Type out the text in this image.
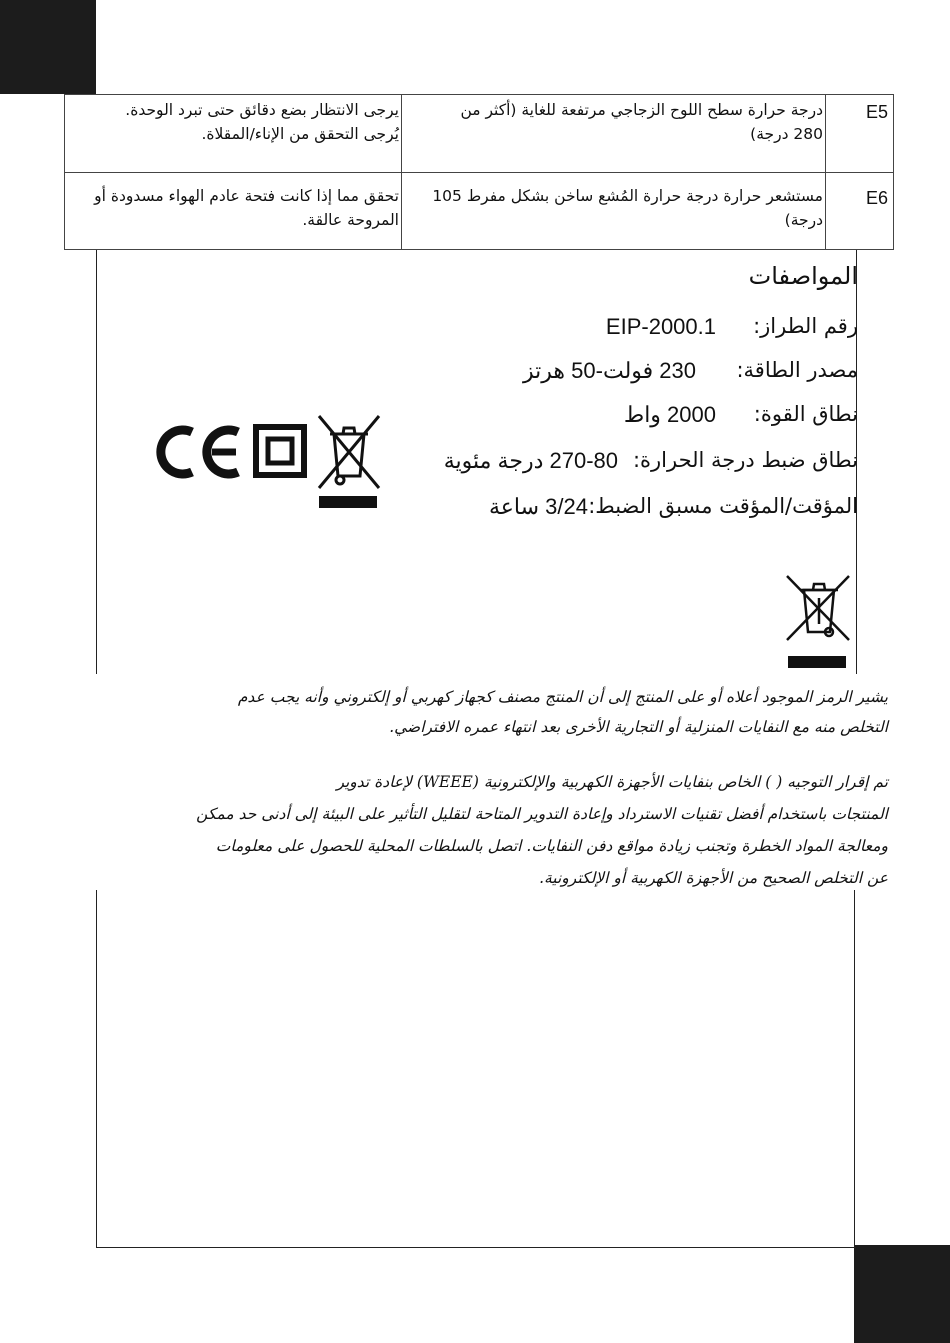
E5
درجة حرارة سطح اللوح الزجاجي مرتفعة للغاية (أكثر من
280 درجة)
يرجى الانتظار بضع دقائق حتى تبرد الوحدة.
يُرجى التحقق من الإناء/المقلاة.
E6
مستشعر حرارة درجة حرارة المُشع ساخن بشكل مفرط 105
درجة)
تحقق مما إذا كانت فتحة عادم الهواء مسدودة أو
المروحة عالقة.
المواصفات
رقم الطراز:
EIP-2000.1
مصدر الطاقة:
230 فولت-50 هرتز
نطاق القوة:
2000 واط
نطاق ضبط درجة الحرارة:
270-80 درجة مئوية
المؤقت/المؤقت مسبق الضبط:
3/24 ساعة
يشير الرمز الموجود أعلاه أو على المنتج إلى أن المنتج مصنف كجهاز كهربي أو إلكتروني وأنه يجب عدم
التخلص منه مع النفايات المنزلية أو التجارية الأخرى بعد انتهاء عمره الافتراضي.
تم إقرار التوجيه ( ) الخاص بنفايات الأجهزة الكهربية والإلكترونية (WEEE) لإعادة تدوير
المنتجات باستخدام أفضل تقنيات الاسترداد وإعادة التدوير المتاحة لتقليل التأثير على البيئة إلى أدنى حد ممكن
ومعالجة المواد الخطرة وتجنب زيادة مواقع دفن النفايات. اتصل بالسلطات المحلية للحصول على معلومات
عن التخلص الصحيح من الأجهزة الكهربية أو الإلكترونية.
